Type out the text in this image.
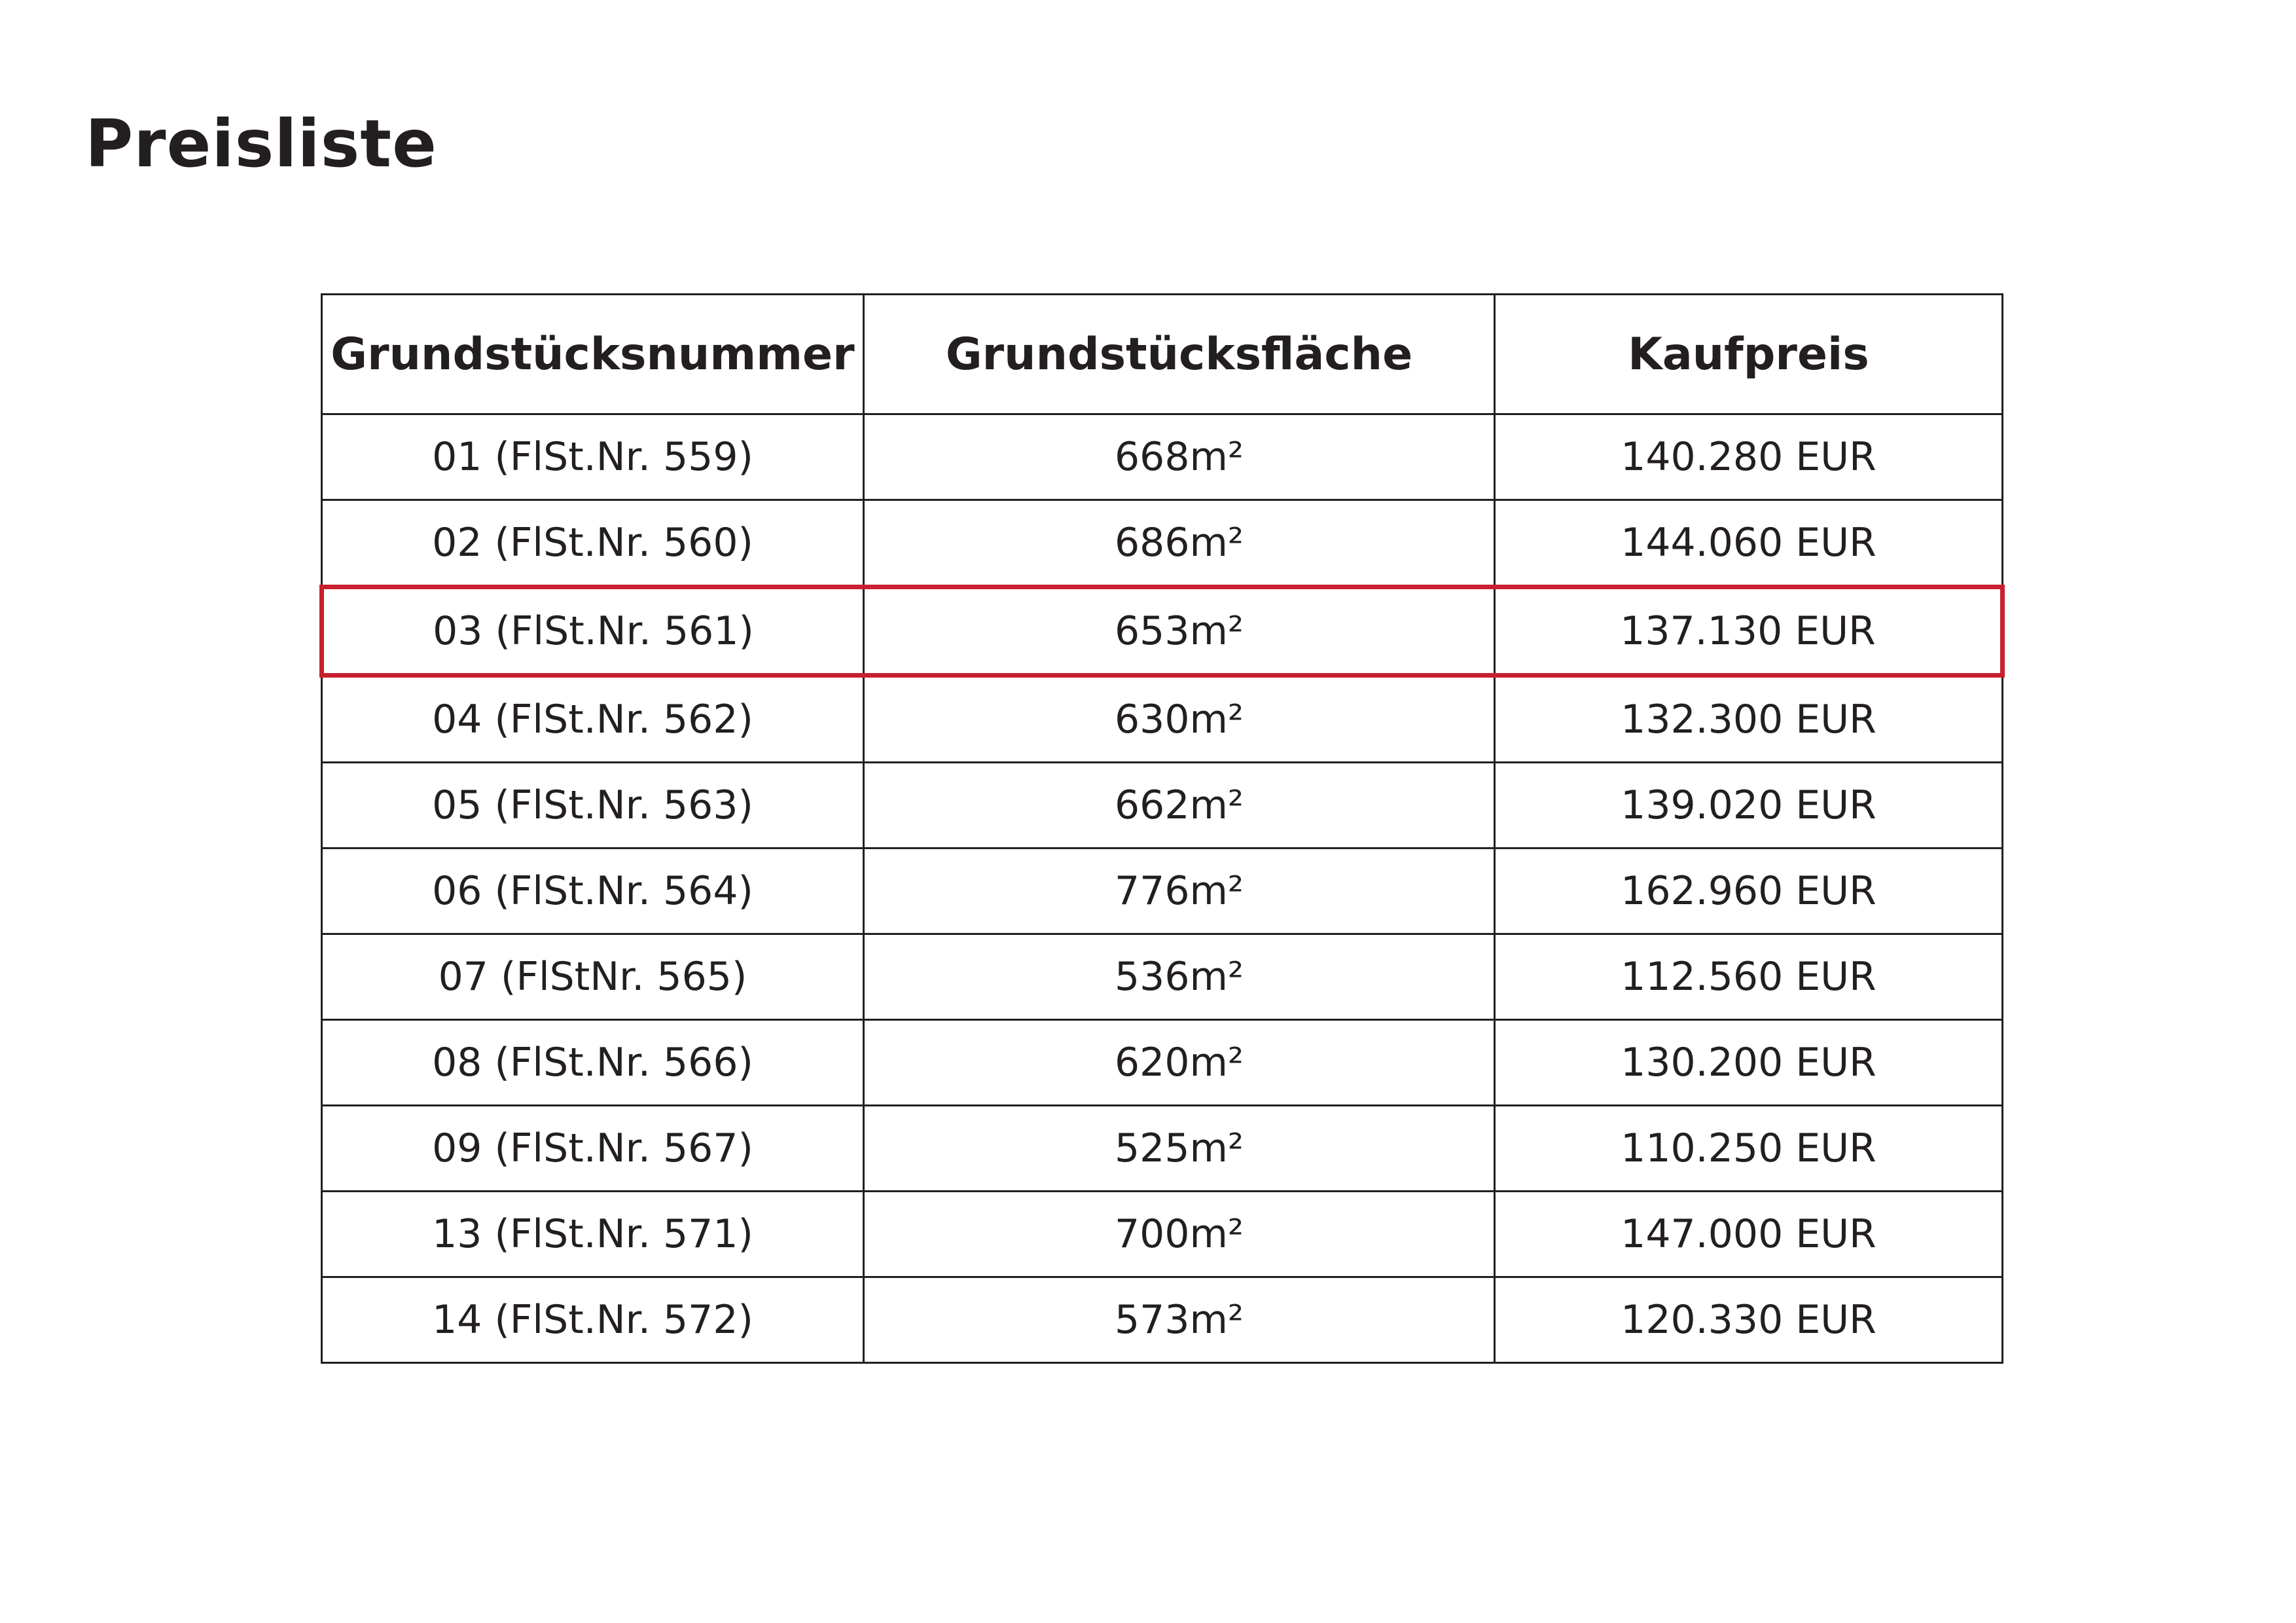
Preisliste
Grundstücksnummer	Grundstücksfläche	Kaufpreis
01 (FlSt.Nr. 559)	668m²	140.280 EUR
02 (FlSt.Nr. 560)	686m²	144.060 EUR
03 (FlSt.Nr. 561)	653m²	137.130 EUR
04 (FlSt.Nr. 562)	630m²	132.300 EUR
05 (FlSt.Nr. 563)	662m²	139.020 EUR
06 (FlSt.Nr. 564)	776m²	162.960 EUR
07 (FlStNr. 565)	536m²	112.560 EUR
08 (FlSt.Nr. 566)	620m²	130.200 EUR
09 (FlSt.Nr. 567)	525m²	110.250 EUR
13 (FlSt.Nr. 571)	700m²	147.000 EUR
14 (FlSt.Nr. 572)	573m²	120.330 EUR
